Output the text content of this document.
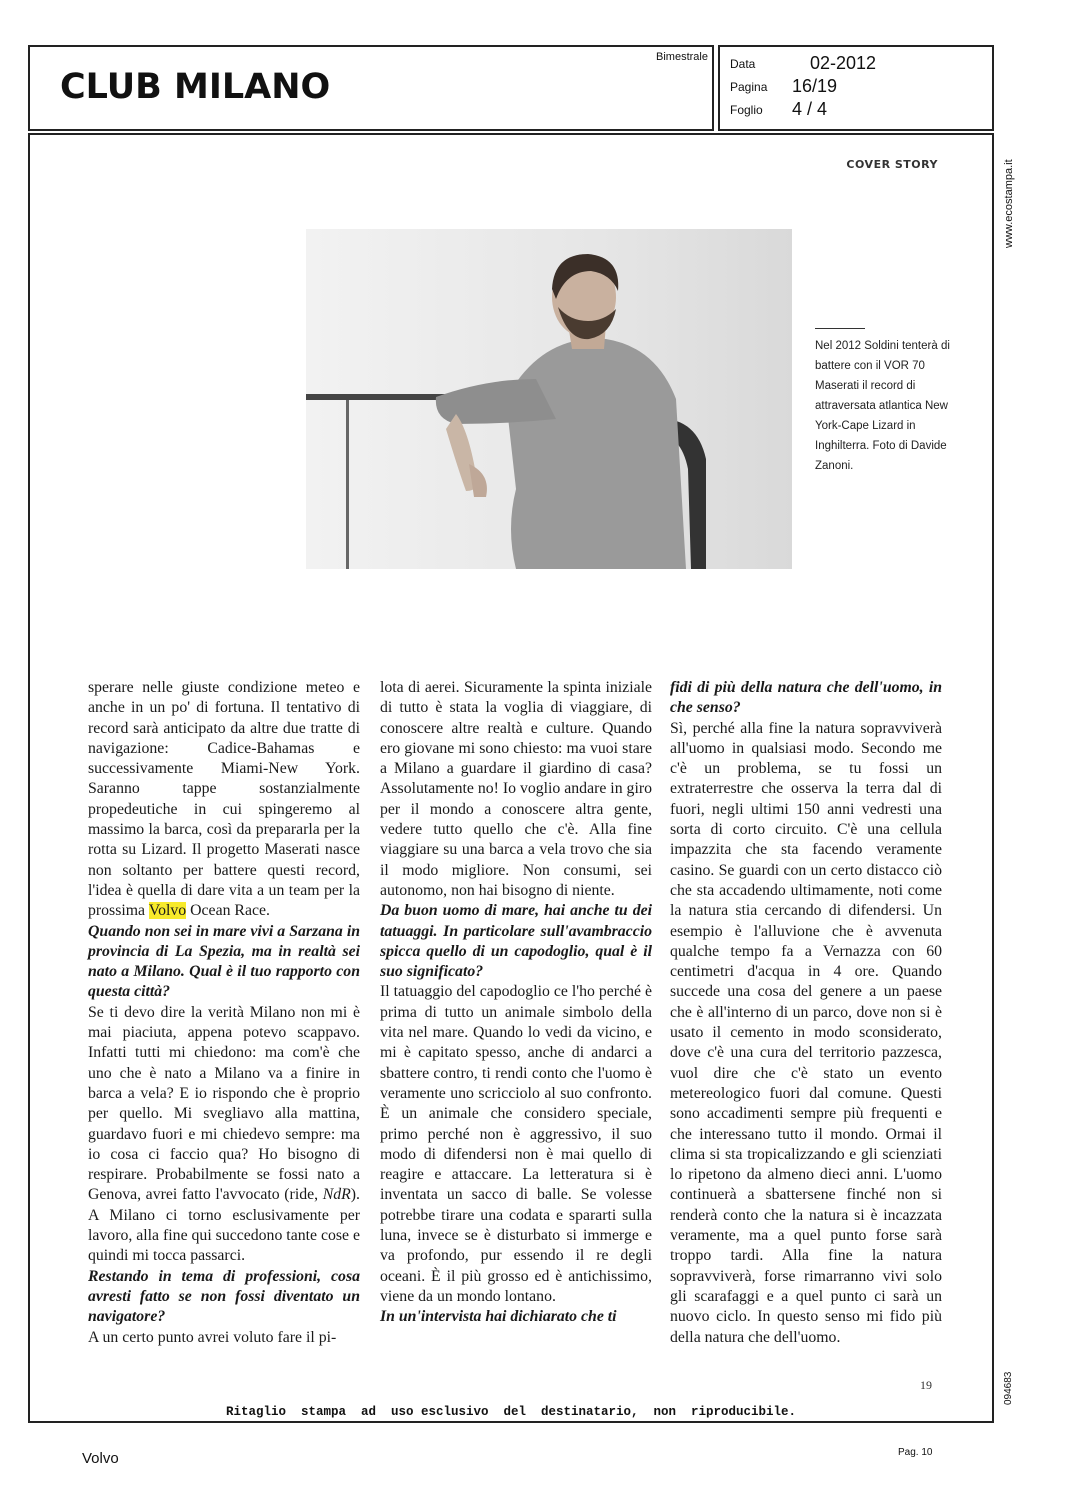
CLUB MILANO
Bimestrale Data	02-2012
Pagina 16/19
Foglio 4 / 4
www.ecostampa.it
094683
COVER STORY
Nel 2012 Soldini tenterà di battere con il VOR 70 Maserati il record di attraversata atlantica New York-Cape Lizard in Inghilterra. Foto di Davide Zanoni.

sperare nelle giuste condizione meteo e anche in un po' di fortuna. Il tentativo di record sarà anticipato da altre due tratte di navigazione: Cadice-Bahamas e successivamente Miami-New York. Saranno tappe sostanzialmente propedeutiche in cui spingeremo al massimo la barca, così da prepararla per la rotta su Lizard. Il progetto Maserati nasce non soltanto per battere questi record, l'idea è quella di dare vita a un team per la prossima Volvo Ocean Race.

Quando non sei in mare vivi a Sarzana in provincia di La Spezia, ma in realtà sei nato a Milano. Qual è il tuo rapporto con questa città?

Se ti devo dire la verità Milano non mi è mai piaciuta, appena potevo scappavo. Infatti tutti mi chiedono: ma com'è che uno che è nato a Milano va a finire in barca a vela? E io rispondo che è proprio per quello. Mi svegliavo alla mattina, guardavo fuori e mi chiedevo sempre: ma io cosa ci faccio qua? Ho bisogno di respirare. Probabilmente se fossi nato a Genova, avrei fatto l'avvocato (ride, NdR). A Milano ci torno esclusivamente per lavoro, alla fine qui succedono tante cose e quindi mi tocca passarci.

Restando in tema di professioni, cosa avresti fatto se non fossi diventato un navigatore?

A un certo punto avrei voluto fare il pi-

lota di aerei. Sicuramente la spinta iniziale di tutto è stata la voglia di viaggiare, di conoscere altre realtà e culture. Quando ero giovane mi sono chiesto: ma vuoi stare a Milano a guardare il giardino di casa? Assolutamente no! Io voglio andare in giro per il mondo a conoscere altra gente, vedere tutto quello che c'è. Alla fine viaggiare su una barca a vela trovo che sia il modo migliore. Non consumi, sei autonomo, non hai bisogno di niente.

Da buon uomo di mare, hai anche tu dei tatuaggi. In particolare sull'avambraccio spicca quello di un capodoglio, qual è il suo significato?

Il tatuaggio del capodoglio ce l'ho perché è prima di tutto un animale simbolo della vita nel mare. Quando lo vedi da vicino, e mi è capitato spesso, anche di andarci a sbattere contro, ti rendi conto che l'uomo è veramente uno scricciolo al suo confronto. È un animale che considero speciale, primo perché non è aggressivo, il suo modo di difendersi non è mai quello di reagire e attaccare. La letteratura si è inventata un sacco di balle. Se volesse potrebbe tirare una codata e spararti sulla luna, invece se è disturbato si immerge e va profondo, pur essendo il re degli oceani. È il più grosso ed è antichissimo, viene da un mondo lontano.

In un'intervista hai dichiarato che ti

fidi di più della natura che dell'uomo, in che senso?

Sì, perché alla fine la natura sopravviverà all'uomo in qualsiasi modo. Secondo me c'è un problema, se tu fossi un extraterrestre che osserva la terra dal di fuori, negli ultimi 150 anni vedresti una sorta di corto circuito. C'è una cellula impazzita che sta facendo veramente casino. Se guardi con un certo distacco ciò che sta accadendo ultimamente, noti come la natura stia cercando di difendersi. Un esempio è l'alluvione che è avvenuta qualche tempo fa a Vernazza con 60 centimetri d'acqua in 4 ore. Quando succede una cosa del genere a un paese che è all'interno di un parco, dove non si è usato il cemento in modo sconsiderato, dove c'è una cura del territorio pazzesca, vuol dire che c'è stato un evento metereologico fuori dal comune. Questi sono accadimenti sempre più frequenti e che interessano tutto il mondo. Ormai il clima si sta tropicalizzando e gli scienziati lo ripetono da almeno dieci anni. L'uomo continuerà a sbattersene finché non si renderà conto che la natura si è incazzata veramente, ma a quel punto forse sarà troppo tardi. Alla fine la natura sopravviverà, forse rimarranno vivi solo gli scarafaggi e a quel punto ci sarà un nuovo ciclo. In questo senso mi fido più della natura che dell'uomo.

19
Ritaglio  stampa  ad  uso esclusivo  del  destinatario,  non  riproducibile.
Volvo	Pag. 10
